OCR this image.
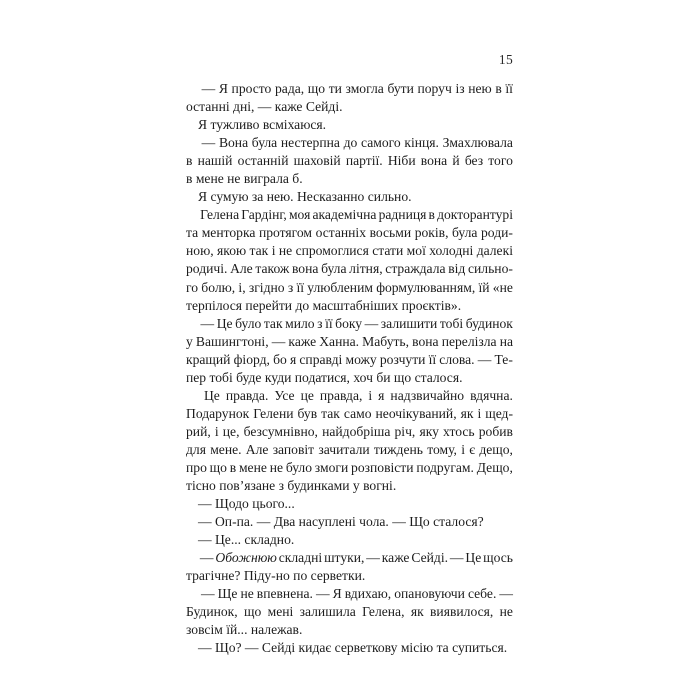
15
— Я просто рада, що ти змогла бути поруч із нею в її
останні дні, — каже Сейді.
Я тужливо всміхаюся.
— Вона була нестерпна до самого кінця. Змахлювала
в нашій останній шаховій партії. Ніби вона й без того
в мене не виграла б.
Я сумую за нею. Несказанно сильно.
Гелена Гардінг, моя академічна радниця в докторантурі
та менторка протягом останніх восьми років, була роди-
ною, якою так і не спромоглися стати мої холодні далекі
родичі. Але також вона була літня, страждала від сильно-
го болю, і, згідно з її улюбленим формулюванням, їй «не
терпілося перейти до масштабніших проєктів».
— Це було так мило з її боку — залишити тобі будинок
у Вашингтоні, — каже Ханна. Мабуть, вона перелізла на
кращий фіорд, бо я справді можу розчути її слова. — Те-
пер тобі буде куди податися, хоч би що сталося.
Це правда. Усе це правда, і я надзвичайно вдячна.
Подарунок Гелени був так само неочікуваний, як і щед-
рий, і це, безсумнівно, найдобріша річ, яку хтось робив
для мене. Але заповіт зачитали тиждень тому, і є дещо,
про що в мене не було змоги розповісти подругам. Дещо,
тісно пов’язане з будинками у вогні.
— Щодо цього...
— Оп-па. — Два насуплені чола. — Що сталося?
— Це... складно.
— Обожнюю складні штуки, — каже Сейді. — Це щось
трагічне? Піду-но по серветки.
— Ще не впевнена. — Я вдихаю, опановуючи себе. —
Будинок, що мені залишила Гелена, як виявилося, не
зовсім їй... належав.
— Що? — Сейді кидає серветкову місію та супиться.
